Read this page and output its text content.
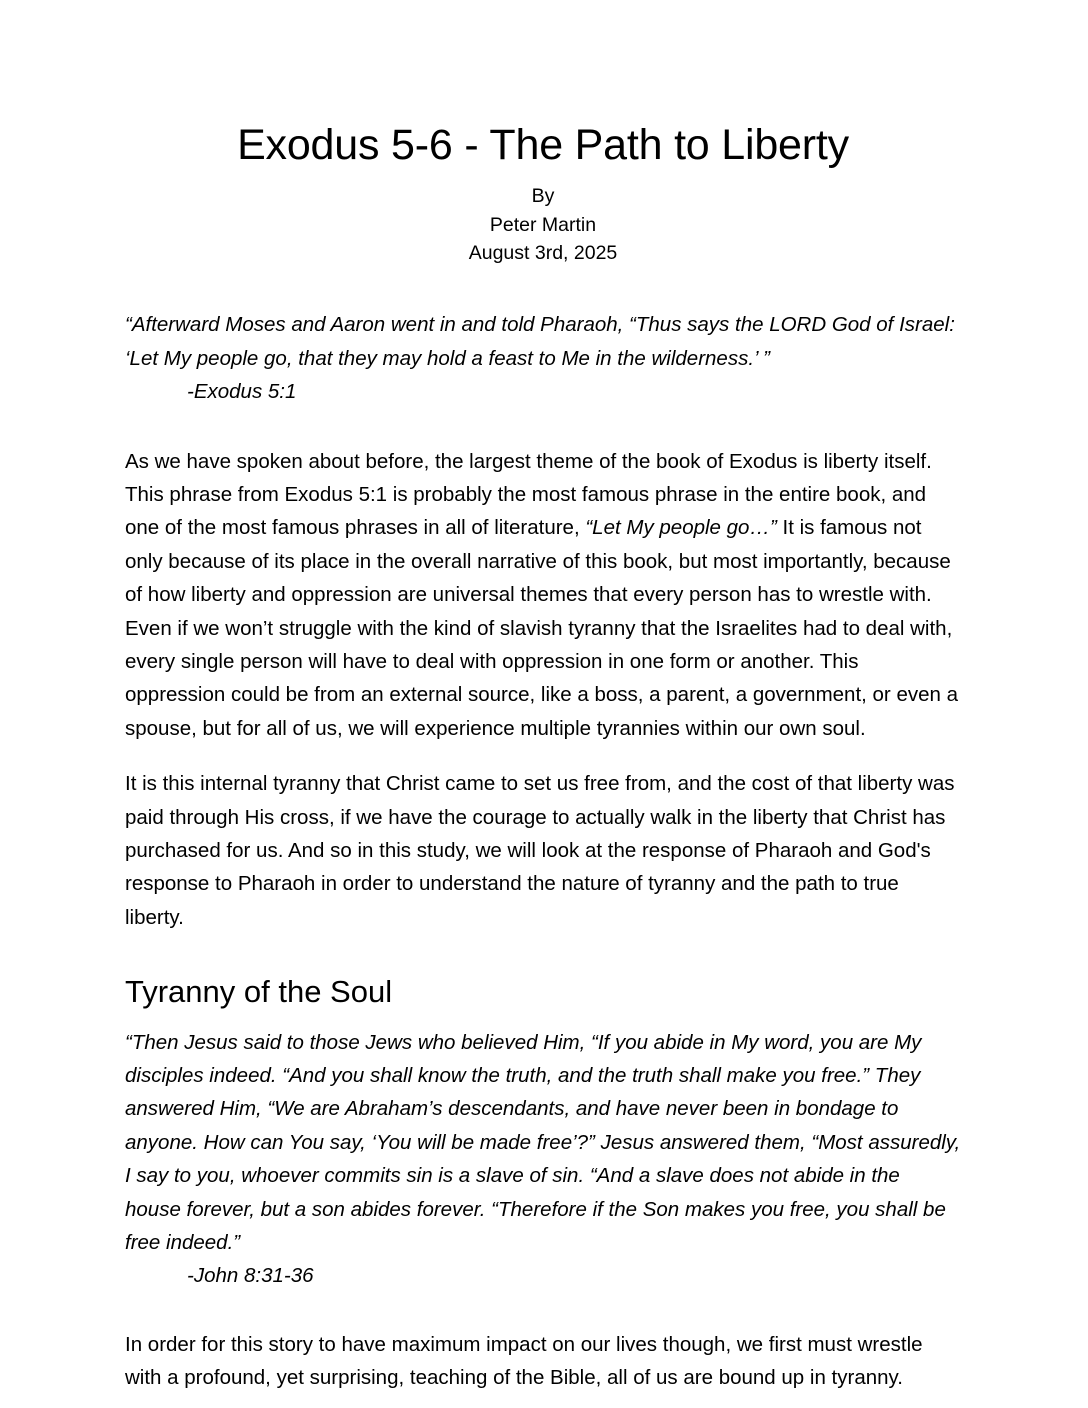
Exodus 5-6 - The Path to Liberty
By
Peter Martin
August 3rd, 2025

“Afterward Moses and Aaron went in and told Pharaoh, “Thus says the LORD God of Israel: ‘Let My people go, that they may hold a feast to Me in the wilderness.’ ”

-Exodus 5:1

As we have spoken about before, the largest theme of the book of Exodus is liberty itself. This phrase from Exodus 5:1 is probably the most famous phrase in the entire book, and one of the most famous phrases in all of literature, “Let My people go…” It is famous not only because of its place in the overall narrative of this book, but most importantly, because of how liberty and oppression are universal themes that every person has to wrestle with. Even if we won’t struggle with the kind of slavish tyranny that the Israelites had to deal with, every single person will have to deal with oppression in one form or another. This oppression could be from an external source, like a boss, a parent, a government, or even a spouse, but for all of us, we will experience multiple tyrannies within our own soul.

It is this internal tyranny that Christ came to set us free from, and the cost of that liberty was paid through His cross, if we have the courage to actually walk in the liberty that Christ has purchased for us. And so in this study, we will look at the response of Pharaoh and God's response to Pharaoh in order to understand the nature of tyranny and the path to true liberty.

Tyranny of the Soul

“Then Jesus said to those Jews who believed Him, “If you abide in My word, you are My disciples indeed. “And you shall know the truth, and the truth shall make you free.” They answered Him, “We are Abraham’s descendants, and have never been in bondage to anyone. How can You say, ‘You will be made free’?” Jesus answered them, “Most assuredly, I say to you, whoever commits sin is a slave of sin. “And a slave does not abide in the house forever, but a son abides forever. “Therefore if the Son makes you free, you shall be free indeed.”

-John 8:31-36

In order for this story to have maximum impact on our lives though, we first must wrestle with a profound, yet surprising, teaching of the Bible, all of us are bound up in tyranny.
